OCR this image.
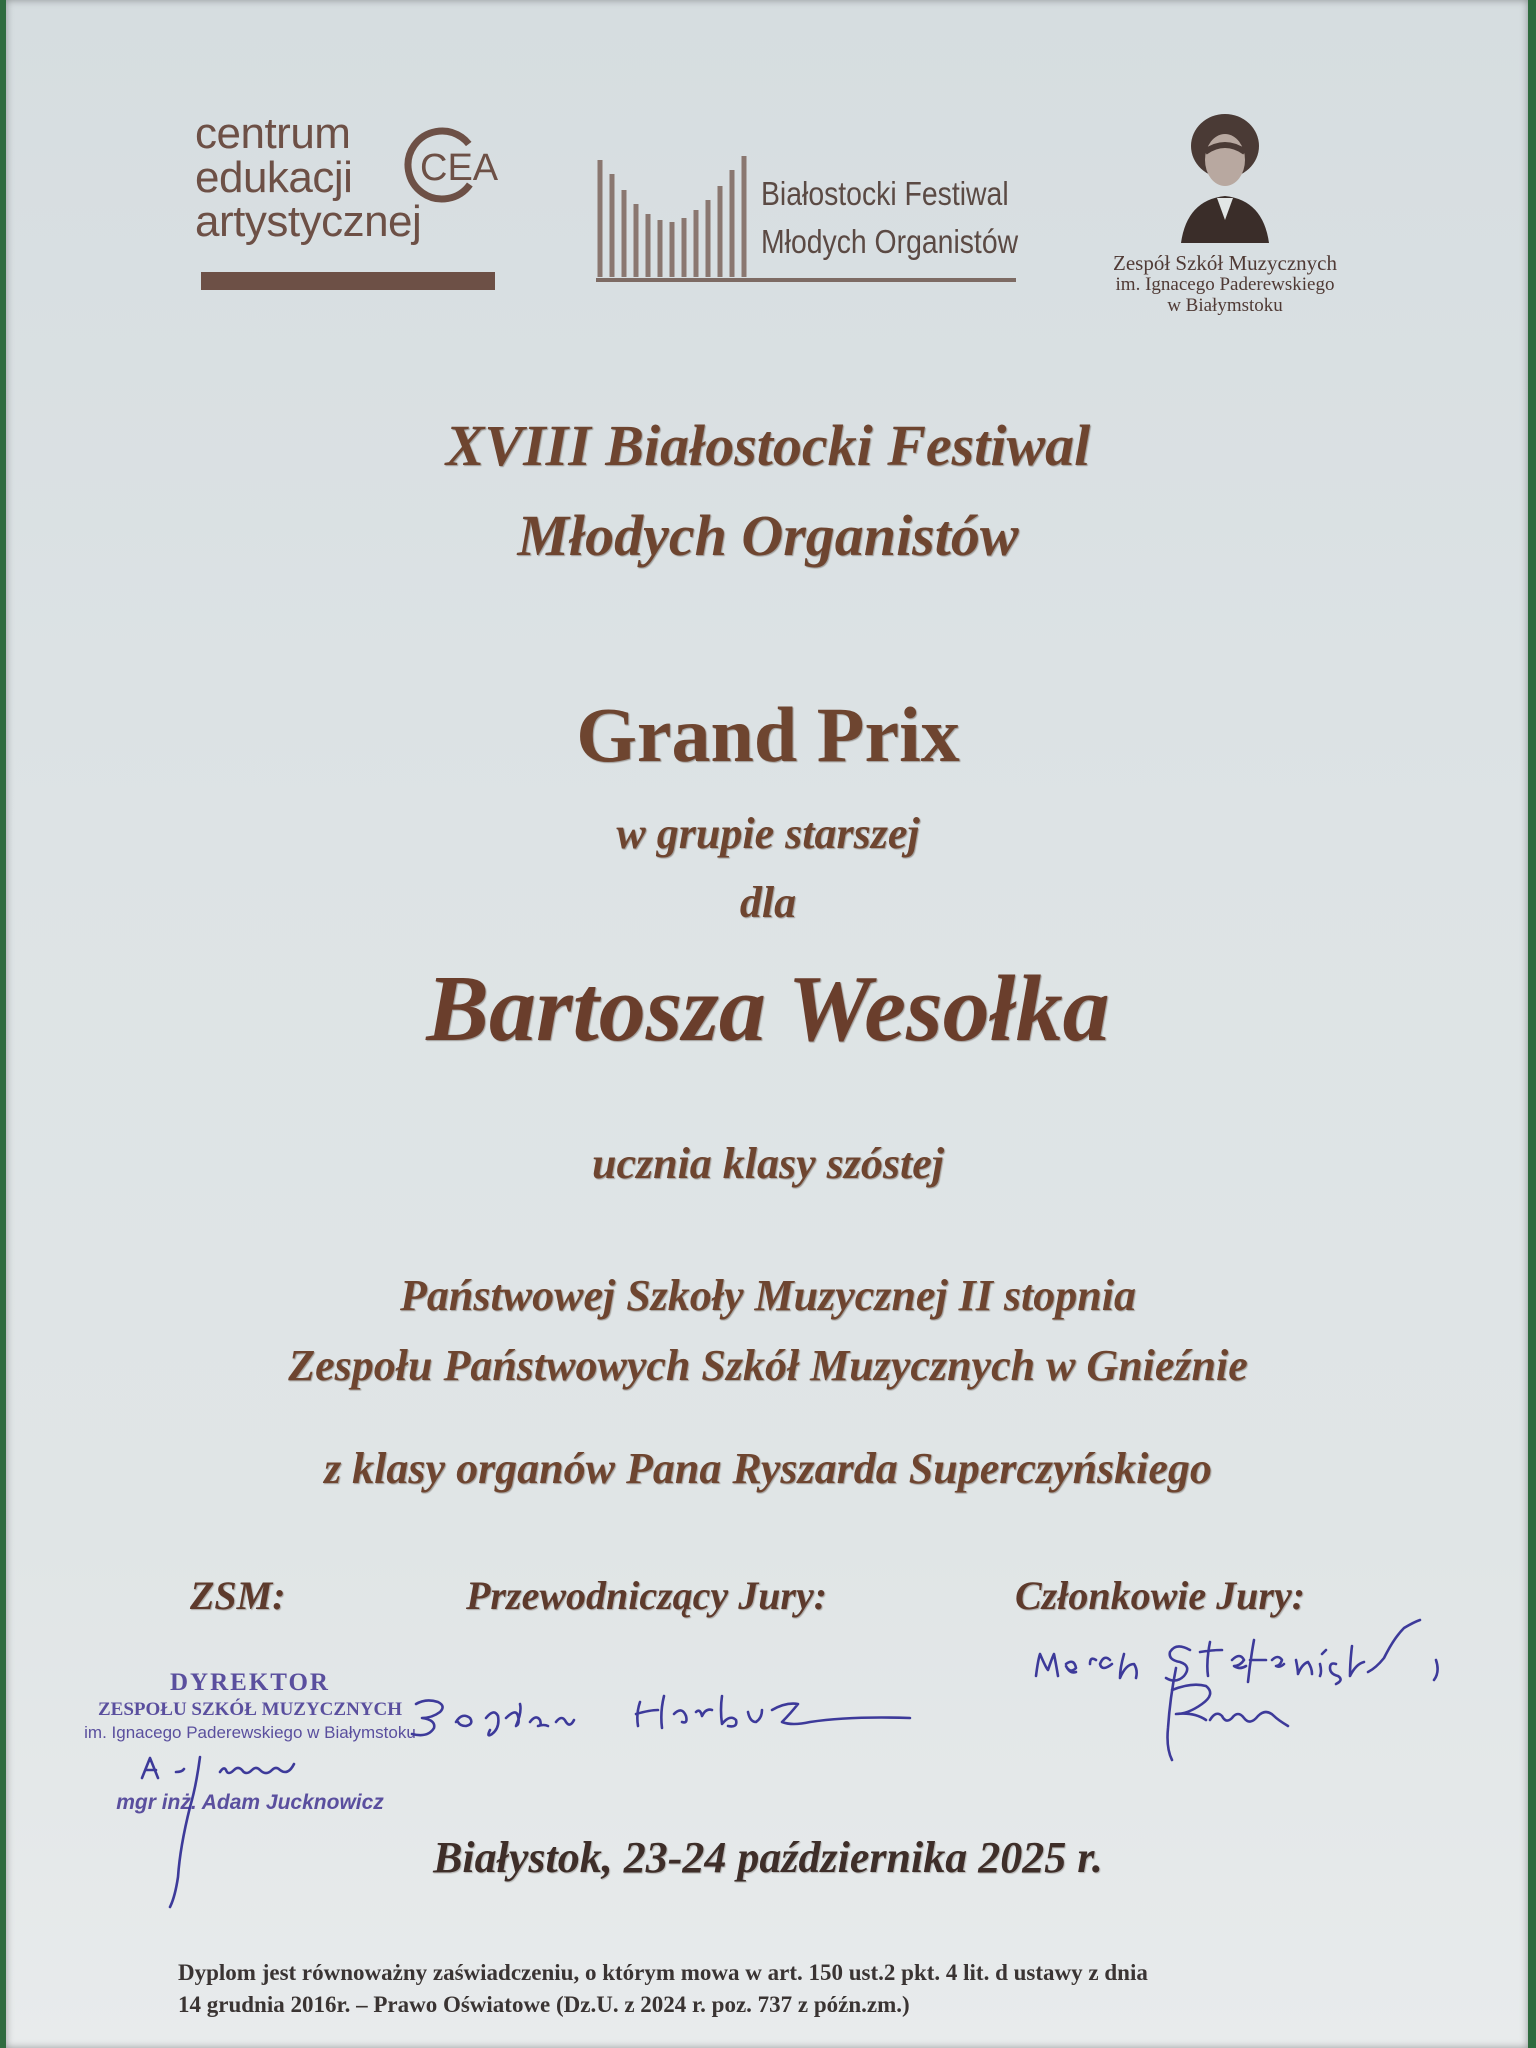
centrum
edukacji
artystycznej
CEA
Białostocki Festiwal
Młodych Organistów
Zespół Szkół Muzycznych
im. Ignacego Paderewskiego
w Białymstoku
XVIII Białostocki Festiwal
Młodych Organistów
Grand Prix
w grupie starszej
dla
Bartosza Wesołka
ucznia klasy szóstej
Państwowej Szkoły Muzycznej II stopnia
Zespołu Państwowych Szkół Muzycznych w Gnieźnie
z klasy organów Pana Ryszarda Superczyńskiego
ZSM:	Przewodniczący Jury:	Członkowie Jury:
DYREKTOR
ZESPOŁU SZKÓŁ MUZYCZNYCH
im. Ignacego Paderewskiego w Białymstoku
mgr inż. Adam Jucknowicz
Białystok, 23-24 października 2025 r.
Dyplom jest równoważny zaświadczeniu, o którym mowa w art. 150 ust.2 pkt. 4 lit. d ustawy z dnia
14 grudnia 2016r. – Prawo Oświatowe (Dz.U. z 2024 r. poz. 737 z późn.zm.)
